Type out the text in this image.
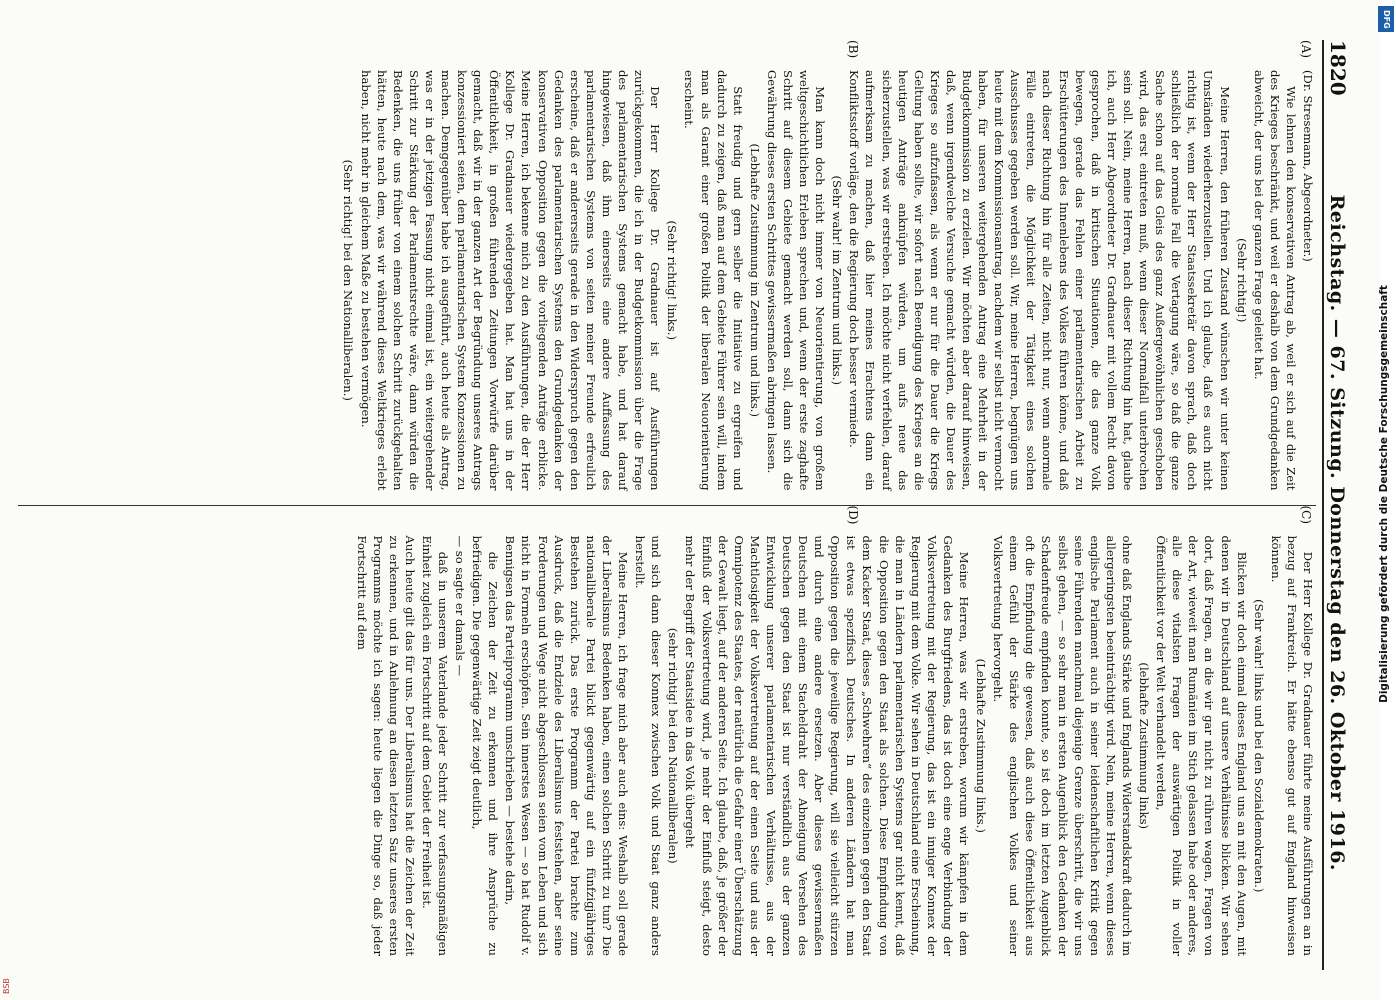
1820
Reichstag. — 67. Sitzung. Donnerstag den 26. Oktober 1916.
(A)
(B)

(Dr. Stresemann, Abgeordneter.)

Wie lehnen den konservativen Antrag ab, weil er sich auf die Zeit des Krieges beschränkt, und weil er deshalb von dem Grundgedanken abweicht, der uns bei der ganzen Frage geleitet hat.

(Sehr richtig!)

Meine Herren, den früheren Zustand wünschen wir unter keinen Umständen wiederherzustellen. Und ich glaube, daß es auch nicht richtig ist, wenn der Herr Staatssekretär davon sprach, daß doch schließlich der normale Fall die Vertagung wäre, so daß die ganze Sache schon auf das Gleis des ganz Außergewöhnlichen geschoben wird, das erst eintreten muß, wenn dieser Normalfall unterbrochen sein soll. Nein, meine Herren, nach dieser Richtung hin hat, glaube ich, auch Herr Abgeordneter Dr. Gradnauer mit vollem Recht davon gesprochen, daß in kritischen Situationen, die das ganze Volk bewegen, gerade das Fehlen einer parlamentarischen Arbeit zu Erschütterungen des Innenlebens des Volkes führen könne, und daß nach dieser Richtung hin für alle Zeiten, nicht nur, wenn anormale Fälle eintreten, die Möglichkeit der Tätigkeit eines solchen Ausschusses gegeben werden soll. Wir, meine Herren, begnügen uns heute mit dem Kommissionsantrag, nachdem wir selbst nicht vermocht haben, für unseren weitergehenden Antrag eine Mehrheit in der Budgetkommission zu erzielen. Wir möchten aber darauf hinweisen, daß, wenn irgendwelche Versuche gemacht würden, die Dauer des Krieges so aufzufassen, als wenn er nur für die Dauer die Kriegs Geltung haben sollte, wir sofort nach Beendigung des Krieges an die heutigen Anträge anknüpfen würden, um aufs neue das sicherzustellen, was wir erstreben. Ich möchte nicht verfehlen, darauf aufmerksam zu machen, daß hier meines Erachtens dann ein Konfliktsstoff vorläge, den die Regierung doch besser vermiede.

(Sehr wahr! im Zentrum und links.)

Man kann doch nicht immer von Neuorientierung, von großem weltgeschichtlichen Erleben sprechen und, wenn der erste zaghafte Schritt auf diesem Gebiete gemacht werden soll, dann sich die Gewährung dieses ersten Schrittes gewissermaßen abringen lassen.

(Lebhafte Zustimmung im Zentrum und links.)

Statt freudig und gern selber die Initiative zu ergreifen und dadurch zu zeigen, daß man auf dem Gebiete Führer sein will, indem man als Garant einer großen Politik der liberalen Neuorientierung erscheint.

(Sehr richtig! links.)

Der Herr Kollege Dr. Gradnauer ist auf Ausführungen zurückgekommen, die ich in der Budgetkommission über die Frage des parlamentarischen Systems gemacht habe, und hat darauf hingewiesen, daß ihm einerseits eine andere Auffassung des parlamentarischen Systems von seiten meiner Freunde erfreulich erscheine, daß er andererseits gerade in den Widerspruch gegen den Gedanken des parlamentarischen Systems den Grundgedanken der konservativen Opposition gegen die vorliegenden Anträge erblicke. Meine Herren, ich bekenne mich zu den Ausführungen, die der Herr Kollege Dr. Gradnauer wiedergegeben hat. Man hat uns in der Öffentlichkeit, in großen führenden Zeitungen Vorwürfe darüber gemacht, daß wir in der ganzen Art der Begründung unseres Antrags konzessioniert seien, dem parlamentarischen System Konzessionen zu machen. Demgegenüber habe ich ausgeführt, auch heute als Antrag, was er in der jetzigen Fassung nicht einmal ist, ein weitergehender Schritt zur Stärkung der Parlamentsrechte wäre, dann würden die Bedenken, die uns früher von einem solchen Schritt zurückgehalten hätten, heute nach dem, was wir während dieses Weltkrieges erlebt haben, nicht mehr in gleichem Maße zu bestehen vermögen.

(Sehr richtig! bei den Nationalliberalen.)

(C)
(D)

Der Herr Kollege Dr. Gradnauer führte meine Ausführungen an in bezug auf Frankreich. Er hätte ebenso gut auf England hinweisen können.

(Sehr wahr! links und bei den Sozialdemokraten.)

Blicken wir doch einmal dieses England uns an mit den Augen, mit denen wir in Deutschland auf unsere Verhältnisse blicken. Wir sehen dort, daß Fragen, an die wir gar nicht zu rühren wagen, Fragen von der Art, wieweit man Rumänien im Stich gelassen habe oder anderes, alle diese vitalsten Fragen der auswärtigen Politik in voller Öffentlichkeit vor der Welt verhandelt werden,

(lebhafte Zustimmung links)

ohne daß Englands Stärke und Englands Widerstandskraft dadurch im allergeringsten beeinträchtigt wird. Nein, meine Herren, wenn dieses englische Parlament auch in seiner leidenschaftlichen Kritik gegen seine Führenden manchmal diejenige Grenze überschritt, die wir uns selbst gehen, — so sehr man in ersten Augenblick den Gedanken der Schadenfreude empfinden konnte, so ist doch im letzten Augenblick oft die Empfindung die gewesen, daß auch diese Öffentlichkeit aus einem Gefühl der Stärke des englischen Volkes und seiner Volksvertretung hervorgeht.

(Lebhafte Zustimmung links.)

Meine Herren, was wir erstreben, worum wir kämpfen in dem Gedanken des Burgfriedens, das ist doch eine enge Verbindung der Volksvertretung mit der Regierung, das ist ein inniger Konnex der Regierung mit dem Volke. Wir sehen in Deutschland eine Erscheinung, die man in Ländern parlamentarischen Systems gar nicht kennt, daß die Opposition gegen den Staat als solchen. Diese Empfindung von dem Kacker Staat, dieses „Schwehren“ des einzelnen gegen den Staat ist etwas spezifisch Deutsches. In anderen Ländern hat man Opposition gegen die jeweilige Regierung, will sie vielleicht stürzen und durch eine andere ersetzen. Aber dieses gewissermaßen Deutschen mit einem Stacheldraht der Abneigung Versehen des Deutschen gegen den Staat ist nur verständlich aus der ganzen Entwicklung unserer parlamentarischen Verhältnisse, aus der Machtlosigkeit der Volksvertretung auf der einen Seite und aus der Omnipotenz des Staates, der natürlich die Gefahr einer Überschätzung der Gewalt liegt, auf der anderen Seite. Ich glaube, daß, je größer der Einfluß der Volksvertretung wird, je mehr der Einfluß steigt, desto mehr der Begriff der Staatsidee in das Volk übergeht

(sehr richtig! bei den Nationalliberalen)

und sich dann dieser Konnex zwischen Volk und Staat ganz anders herstellt.

Meine Herren, ich frage mich aber auch eins: Weshalb soll gerade der Liberalismus Bedenken haben, einen solchen Schritt zu tun? Die nationalliberale Partei blickt gegenwärtig auf ein fünfzigjähriges Bestehen zurück. Das erste Programm der Partei brachte zum Ausdruck, daß die Endziele des Liberalismus feststehen, aber seine Forderungen und Wege nicht abgeschlossen seien vom Leben und sich nicht in Formeln erschöpfen. Sein innerstes Wesen — so hat Rudolf v. Bennigsen das Parteiprogramm umschrieben — bestehe darin,

die Zeichen der Zeit zu erkennen und ihre Ansprüche zu befriedigen. Die gegenwärtige Zeit zeigt deutlich,

— so sagte er damals —

daß in unserem Vaterlande jeder Schritt zur verfassungsmäßigen Einheit zugleich ein Fortschritt auf dem Gebiet der Freiheit ist.

Auch heute gilt das für uns. Der Liberalismus hat die Zeichen der Zeit zu erkennen, und in Anlehnung an diesen letzten Satz unseres ersten Programms möchte ich sagen: heute liegen die Dinge so, daß jeder Fortschritt auf dem	Digitalisierung gefördert durch die Deutsche Forschungsgemeinschaft
DFG
BSB
